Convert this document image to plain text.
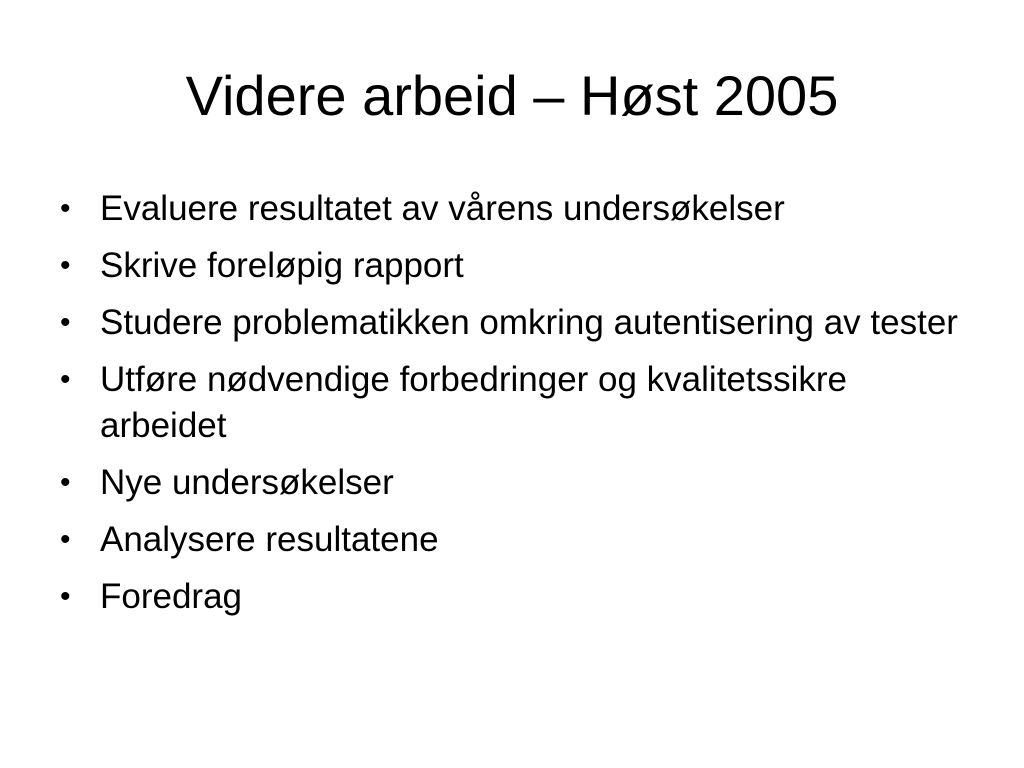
Videre arbeid – Høst 2005
• Evaluere resultatet av vårens undersøkelser
• Skrive foreløpig rapport
• Studere problematikken omkring autentisering av tester
• Utføre nødvendige forbedringer og kvalitetssikre arbeidet
• Nye undersøkelser
• Analysere resultatene
• Foredrag
